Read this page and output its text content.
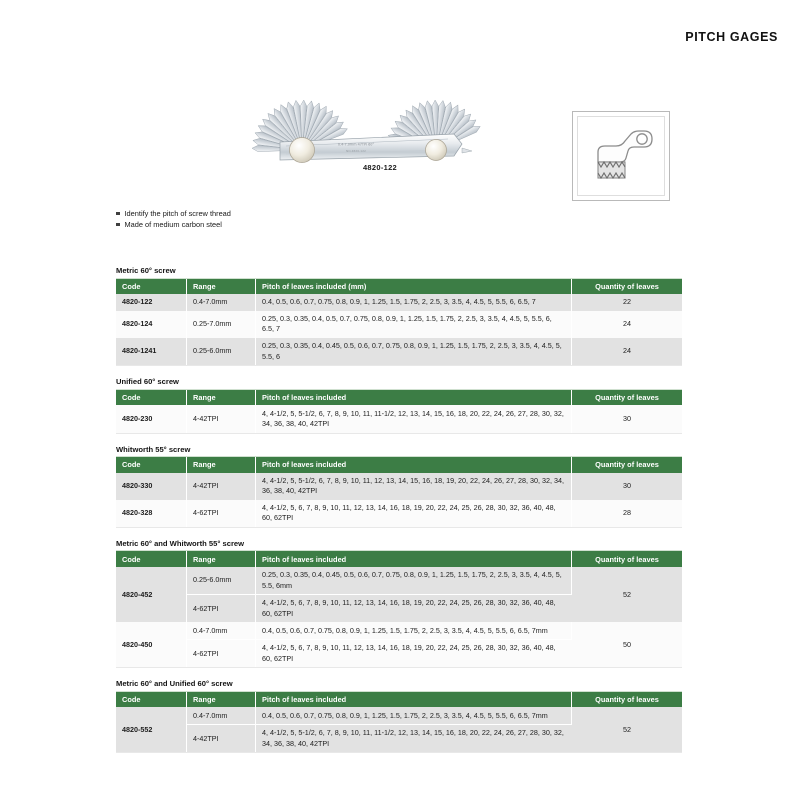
PITCH GAGES
0.4-7.0mm 47TPI 60°
NO.4820-122
4820-122
Identify the pitch of screw thread
Made of medium carbon steel
Metric 60° screw
Code	Range	Pitch of leaves included (mm)	Quantity of leaves
4820-122	0.4-7.0mm	0.4, 0.5, 0.6, 0.7, 0.75, 0.8, 0.9, 1, 1.25, 1.5, 1.75, 2, 2.5, 3, 3.5, 4, 4.5, 5, 5.5, 6, 6.5, 7	22
4820-124	0.25-7.0mm	0.25, 0.3, 0.35, 0.4, 0.5, 0.7, 0.75, 0.8, 0.9, 1, 1.25, 1.5, 1.75, 2, 2.5, 3, 3.5, 4, 4.5, 5, 5.5, 6, 6.5, 7	24
4820-1241	0.25-6.0mm	0.25, 0.3, 0.35, 0.4, 0.45, 0.5, 0.6, 0.7, 0.75, 0.8, 0.9, 1, 1.25, 1.5, 1.75, 2, 2.5, 3, 3.5, 4, 4.5, 5, 5.5, 6	24
Unified 60° screw
Code	Range	Pitch of leaves included	Quantity of leaves
4820-230	4-42TPI	4, 4-1/2, 5, 5-1/2, 6, 7, 8, 9, 10, 11, 11-1/2, 12, 13, 14, 15, 16, 18, 20, 22, 24, 26, 27, 28, 30, 32, 34, 36, 38, 40, 42TPI	30
Whitworth 55° screw
Code	Range	Pitch of leaves included	Quantity of leaves
4820-330	4-42TPI	4, 4-1/2, 5, 5-1/2, 6, 7, 8, 9, 10, 11, 12, 13, 14, 15, 16, 18, 19, 20, 22, 24, 26, 27, 28, 30, 32, 34, 36, 38, 40, 42TPI	30
4820-328	4-62TPI	4, 4-1/2, 5, 6, 7, 8, 9, 10, 11, 12, 13, 14, 16, 18, 19, 20, 22, 24, 25, 26, 28, 30, 32, 36, 40, 48, 60, 62TPI	28
Metric 60° and Whitworth 55° screw
Code	Range	Pitch of leaves included	Quantity of leaves
4820-452	0.25-6.0mm	0.25, 0.3, 0.35, 0.4, 0.45, 0.5, 0.6, 0.7, 0.75, 0.8, 0.9, 1, 1.25, 1.5, 1.75, 2, 2.5, 3, 3.5, 4, 4.5, 5, 5.5, 6mm	52
	4-62TPI	4, 4-1/2, 5, 6, 7, 8, 9, 10, 11, 12, 13, 14, 16, 18, 19, 20, 22, 24, 25, 26, 28, 30, 32, 36, 40, 48, 60, 62TPI	
4820-450	0.4-7.0mm	0.4, 0.5, 0.6, 0.7, 0.75, 0.8, 0.9, 1, 1.25, 1.5, 1.75, 2, 2.5, 3, 3.5, 4, 4.5, 5, 5.5, 6, 6.5, 7mm	50
	4-62TPI	4, 4-1/2, 5, 6, 7, 8, 9, 10, 11, 12, 13, 14, 16, 18, 19, 20, 22, 24, 25, 26, 28, 30, 32, 36, 40, 48, 60, 62TPI	
Metric 60° and Unified 60° screw
Code	Range	Pitch of leaves included	Quantity of leaves
4820-552	0.4-7.0mm	0.4, 0.5, 0.6, 0.7, 0.75, 0.8, 0.9, 1, 1.25, 1.5, 1.75, 2, 2.5, 3, 3.5, 4, 4.5, 5, 5.5, 6, 6.5, 7mm	52
	4-42TPI	4, 4-1/2, 5, 5-1/2, 6, 7, 8, 9, 10, 11, 11-1/2, 12, 13, 14, 15, 16, 18, 20, 22, 24, 26, 27, 28, 30, 32, 34, 36, 38, 40, 42TPI	
